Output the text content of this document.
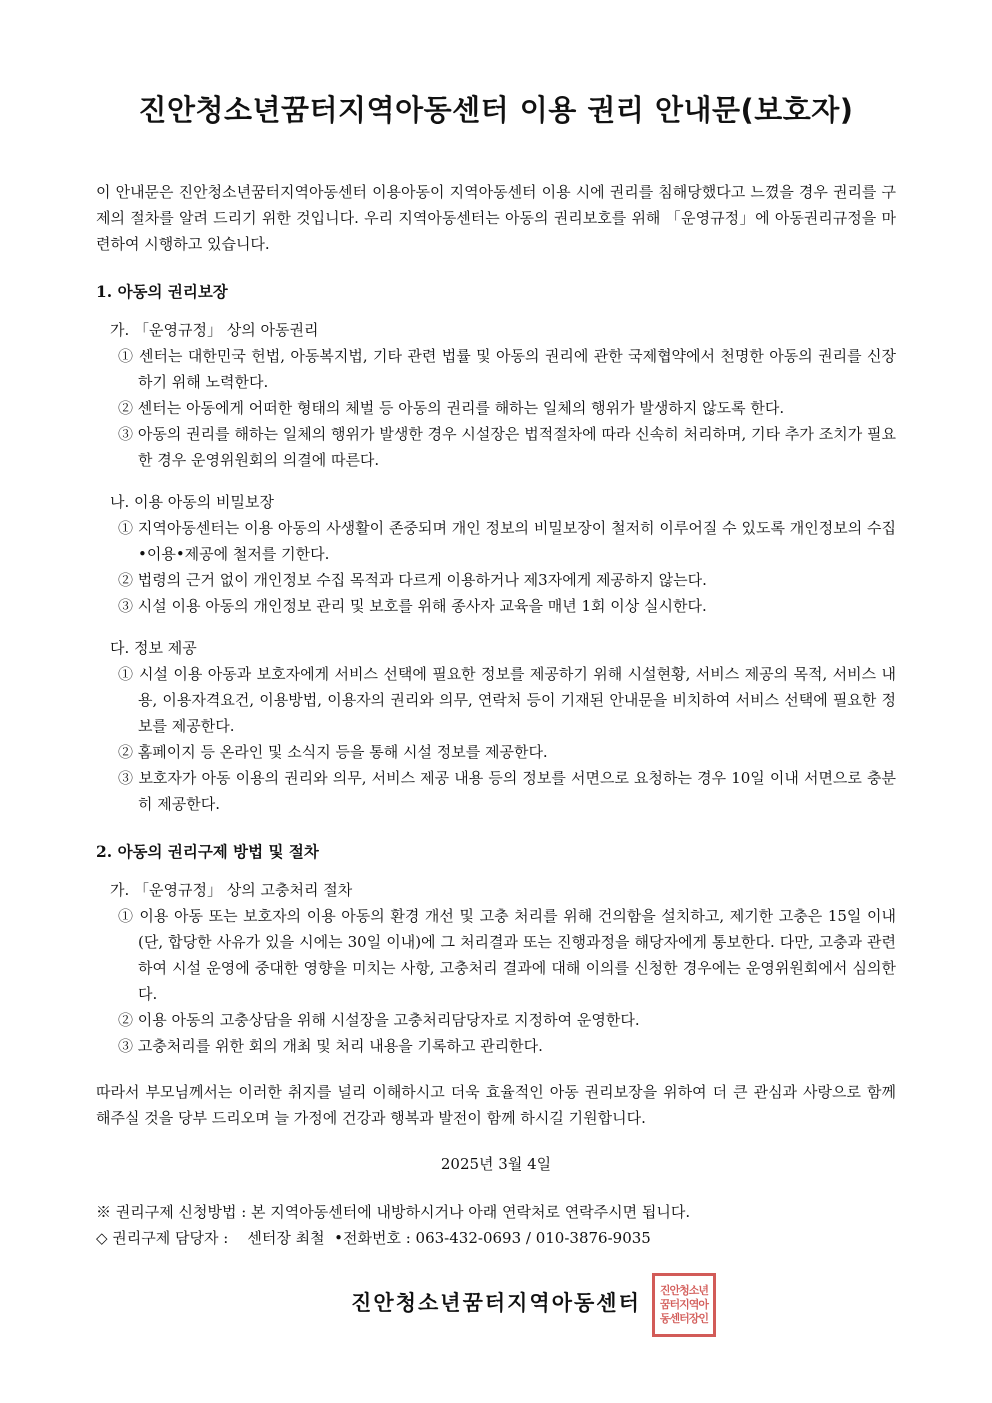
진안청소년꿈터지역아동센터 이용 권리 안내문(보호자)

이 안내문은 진안청소년꿈터지역아동센터 이용아동이 지역아동센터 이용 시에 권리를 침해당했다고 느꼈을 경우 권리를 구제의 절차를 알려 드리기 위한 것입니다. 우리 지역아동센터는 아동의 권리보호를 위해 「운영규정」에 아동권리규정을 마련하여 시행하고 있습니다.

1. 아동의 권리보장
가. 「운영규정」 상의 아동권리
① 센터는 대한민국 헌법, 아동복지법, 기타 관련 법률 및 아동의 권리에 관한 국제협약에서 천명한 아동의 권리를 신장하기 위해 노력한다.
② 센터는 아동에게 어떠한 형태의 체벌 등 아동의 권리를 해하는 일체의 행위가 발생하지 않도록 한다.
③ 아동의 권리를 해하는 일체의 행위가 발생한 경우 시설장은 법적절차에 따라 신속히 처리하며, 기타 추가 조치가 필요한 경우 운영위원회의 의결에 따른다.
나. 이용 아동의 비밀보장
① 지역아동센터는 이용 아동의 사생활이 존중되며 개인 정보의 비밀보장이 철저히 이루어질 수 있도록 개인정보의 수집•이용•제공에 철저를 기한다.
② 법령의 근거 없이 개인정보 수집 목적과 다르게 이용하거나 제3자에게 제공하지 않는다.
③ 시설 이용 아동의 개인정보 관리 및 보호를 위해 종사자 교육을 매년 1회 이상 실시한다.
다. 정보 제공
① 시설 이용 아동과 보호자에게 서비스 선택에 필요한 정보를 제공하기 위해 시설현황, 서비스 제공의 목적, 서비스 내용, 이용자격요건, 이용방법, 이용자의 권리와 의무, 연락처 등이 기재된 안내문을 비치하여 서비스 선택에 필요한 정보를 제공한다.
② 홈페이지 등 온라인 및 소식지 등을 통해 시설 정보를 제공한다.
③ 보호자가 아동 이용의 권리와 의무, 서비스 제공 내용 등의 정보를 서면으로 요청하는 경우 10일 이내 서면으로 충분히 제공한다.
2. 아동의 권리구제 방법 및 절차
가. 「운영규정」 상의 고충처리 절차
① 이용 아동 또는 보호자의 이용 아동의 환경 개선 및 고충 처리를 위해 건의함을 설치하고, 제기한 고충은 15일 이내(단, 합당한 사유가 있을 시에는 30일 이내)에 그 처리결과 또는 진행과정을 해당자에게 통보한다. 다만, 고충과 관련하여 시설 운영에 중대한 영향을 미치는 사항, 고충처리 결과에 대해 이의를 신청한 경우에는 운영위원회에서 심의한다.
② 이용 아동의 고충상담을 위해 시설장을 고충처리담당자로 지정하여 운영한다.
③ 고충처리를 위한 회의 개최 및 처리 내용을 기록하고 관리한다.

따라서 부모님께서는 이러한 취지를 널리 이해하시고 더욱 효율적인 아동 권리보장을 위하여 더 큰 관심과 사랑으로 함께 해주실 것을 당부 드리오며 늘 가정에 건강과 행복과 발전이 함께 하시길 기원합니다.

2025년 3월 4일
※ 권리구제 신청방법 : 본 지역아동센터에 내방하시거나 아래 연락처로 연락주시면 됩니다.
◇ 권리구제 담당자 :    센터장 최철  •전화번호 : 063-432-0693 / 010-3876-9035
진안청소년꿈터지역아동센터 진안청소년
꿈터지역아
동센터장인
